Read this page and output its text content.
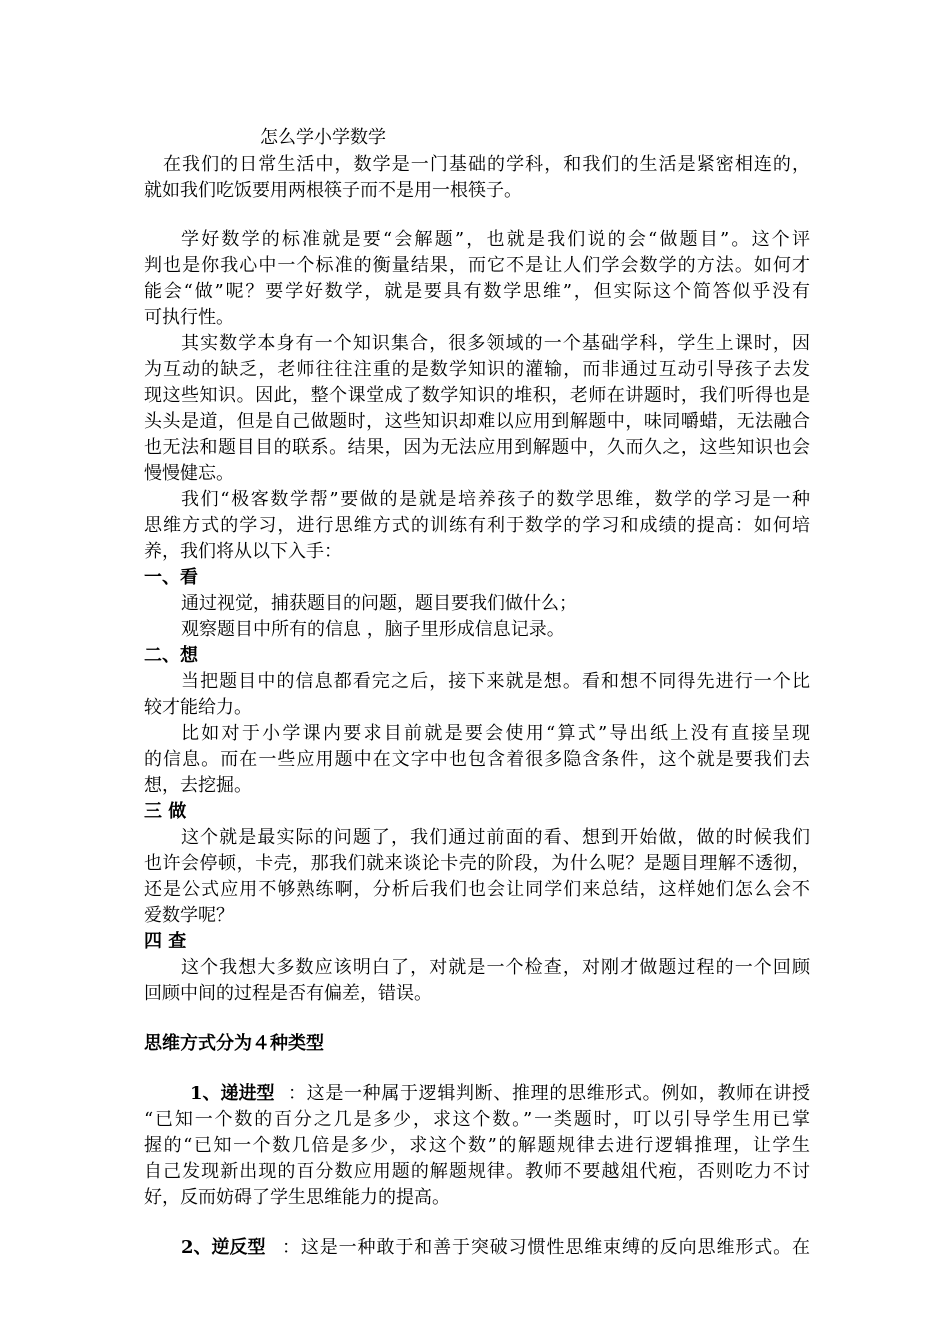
怎么学小学数学

在我们的日常生活中，数学是一门基础的学科，和我们的生活是紧密相连的，

就如我们吃饭要用两根筷子而不是用一根筷子。

学好数学的标准就是要“会解题”，也就是我们说的会“做题目”。这个评

判也是你我心中一个标准的衡量结果，而它不是让人们学会数学的方法。如何才

能会“做”呢？要学好数学，就是要具有数学思维”，但实际这个简答似乎没有

可执行性。

其实数学本身有一个知识集合，很多领域的一个基础学科，学生上课时，因

为互动的缺乏，老师往往注重的是数学知识的灌输，而非通过互动引导孩子去发

现这些知识。因此，整个课堂成了数学知识的堆积，老师在讲题时，我们听得也是

头头是道，但是自己做题时，这些知识却难以应用到解题中，味同嚼蜡，无法融合

也无法和题目目的联系。结果，因为无法应用到解题中，久而久之，这些知识也会

慢慢健忘。

我们“极客数学帮”要做的是就是培养孩子的数学思维，数学的学习是一种

思维方式的学习，进行思维方式的训练有利于数学的学习和成绩的提高：如何培

养，我们将从以下入手：

一、看

通过视觉，捕获题目的问题，题目要我们做什么；

观察题目中所有的信息 ，脑子里形成信息记录。

二、想

当把题目中的信息都看完之后，接下来就是想。看和想不同得先进行一个比

较才能给力。

比如对于小学课内要求目前就是要会使用“算式”导出纸上没有直接呈现

的信息。而在一些应用题中在文字中也包含着很多隐含条件，这个就是要我们去

想，去挖掘。

三 做

这个就是最实际的问题了，我们通过前面的看、想到开始做，做的时候我们

也许会停顿，卡壳，那我们就来谈论卡壳的阶段，为什么呢？是题目理解不透彻，

还是公式应用不够熟练啊，分析后我们也会让同学们来总结，这样她们怎么会不

爱数学呢？

四 查

这个我想大多数应该明白了，对就是一个检查，对刚才做题过程的一个回顾

回顾中间的过程是否有偏差，错误。

思维方式分为４种类型

1、递进型 ：这是一种属于逻辑判断、推理的思维形式。例如，教师在讲授

“已知一个数的百分之几是多少，求这个数。”一类题时，叮以引导学生用已掌

握的“已知一个数几倍是多少，求这个数”的解题规律去进行逻辑推理，让学生

自己发现新出现的百分数应用题的解题规律。教师不要越俎代疱，否则吃力不讨

好，反而妨碍了学生思维能力的提高。

2、逆反型 ：这是一种敢于和善于突破习惯性思维束缚的反向思维形式。在
